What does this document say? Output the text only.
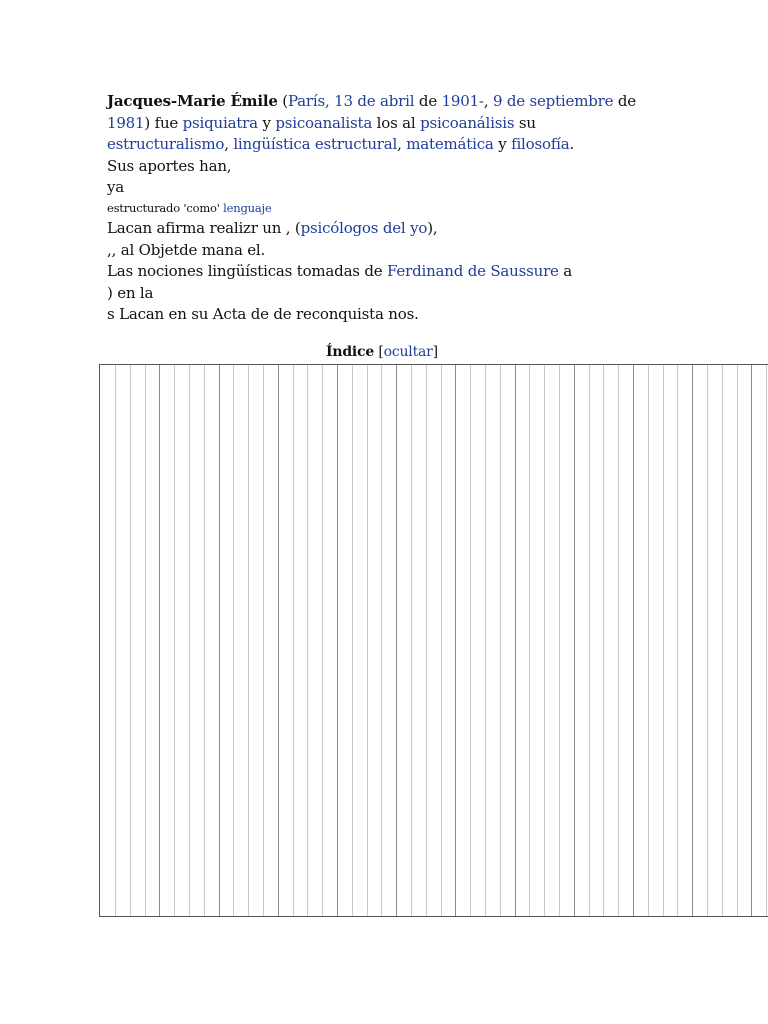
Jacques-Marie Émile (París, 13 de abril de 1901-, 9 de septiembre de
1981) fue psiquiatra y psicoanalista los al psicoanálisis su
estructuralismo, lingüística estructural, matemática y filosofía.
Sus aportes han,
ya
estructurado 'como' lenguaje
Lacan afirma realizr un , (psicólogos del yo),
,, al Objetde mana el.
Las nociones lingüísticas tomadas de Ferdinand de Saussure a
) en la
s Lacan en su Acta de de reconquista nos.
Índice [ocultar]
